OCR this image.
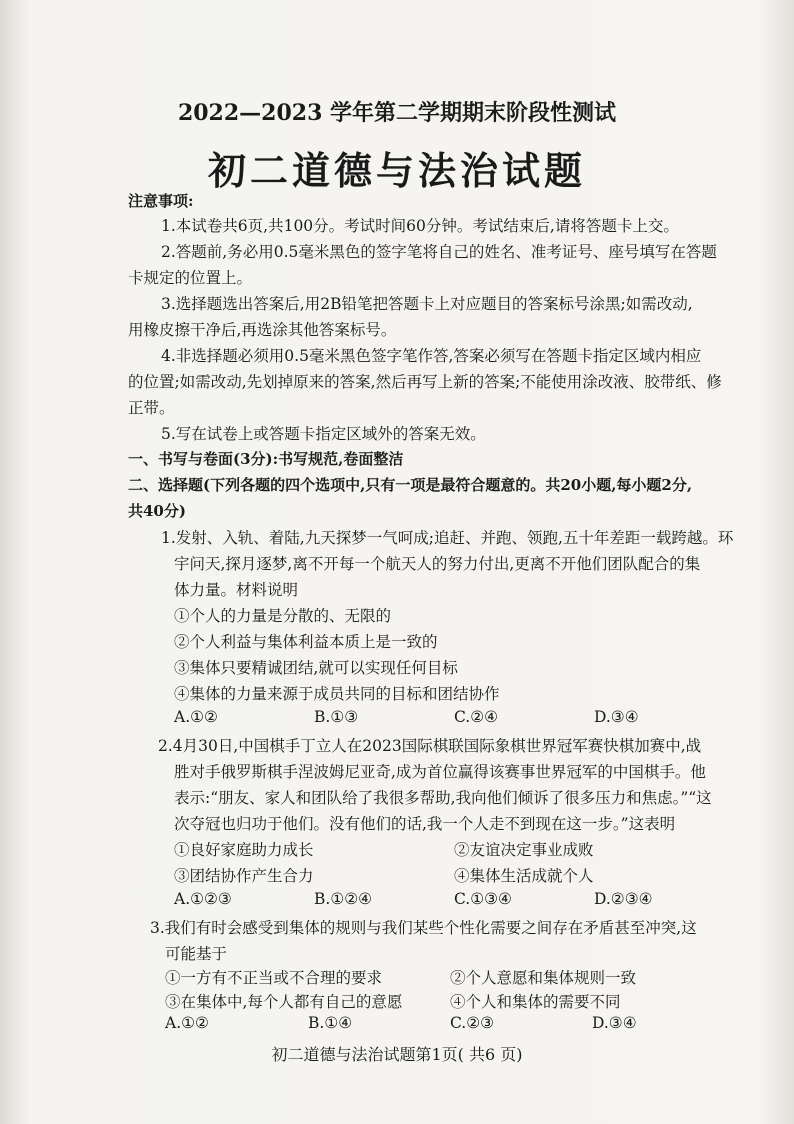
2022—2023 学年第二学期期末阶段性测试
初二道德与法治试题
注意事项:
1.本试卷共6页,共100分。考试时间60分钟。考试结束后,请将答题卡上交。
2.答题前,务必用0.5毫米黑色的签字笔将自己的姓名、准考证号、座号填写在答题
卡规定的位置上。
3.选择题选出答案后,用2B铅笔把答题卡上对应题目的答案标号涂黑;如需改动,
用橡皮擦干净后,再选涂其他答案标号。
4.非选择题必须用0.5毫米黑色签字笔作答,答案必须写在答题卡指定区域内相应
的位置;如需改动,先划掉原来的答案,然后再写上新的答案;不能使用涂改液、胶带纸、修
正带。
5.写在试卷上或答题卡指定区域外的答案无效。
一、书写与卷面(3分):书写规范,卷面整洁
二、选择题(下列各题的四个选项中,只有一项是最符合题意的。共20小题,每小题2分,
共40分)
1.发射、入轨、着陆,九天探梦一气呵成;追赶、并跑、领跑,五十年差距一载跨越。环
宇问天,探月逐梦,离不开每一个航天人的努力付出,更离不开他们团队配合的集
体力量。材料说明
①个人的力量是分散的、无限的
②个人利益与集体利益本质上是一致的
③集体只要精诚团结,就可以实现任何目标
④集体的力量来源于成员共同的目标和团结协作
A.①②	B.①③	C.②④	D.③④
2.4月30日,中国棋手丁立人在2023国际棋联国际象棋世界冠军赛快棋加赛中,战
胜对手俄罗斯棋手涅波姆尼亚奇,成为首位赢得该赛事世界冠军的中国棋手。他
表示:“朋友、家人和团队给了我很多帮助,我向他们倾诉了很多压力和焦虑。”“这
次夺冠也归功于他们。没有他们的话,我一个人走不到现在这一步。”这表明
①良好家庭助力成长	②友谊决定事业成败
③团结协作产生合力	④集体生活成就个人
A.①②③	B.①②④	C.①③④	D.②③④
3.我们有时会感受到集体的规则与我们某些个性化需要之间存在矛盾甚至冲突,这
可能基于
①一方有不正当或不合理的要求	②个人意愿和集体规则一致
③在集体中,每个人都有自己的意愿	④个人和集体的需要不同
初二道德与法治试题第1页( 共6 页)
A.①②	B.①④	C.②③	D.③④
